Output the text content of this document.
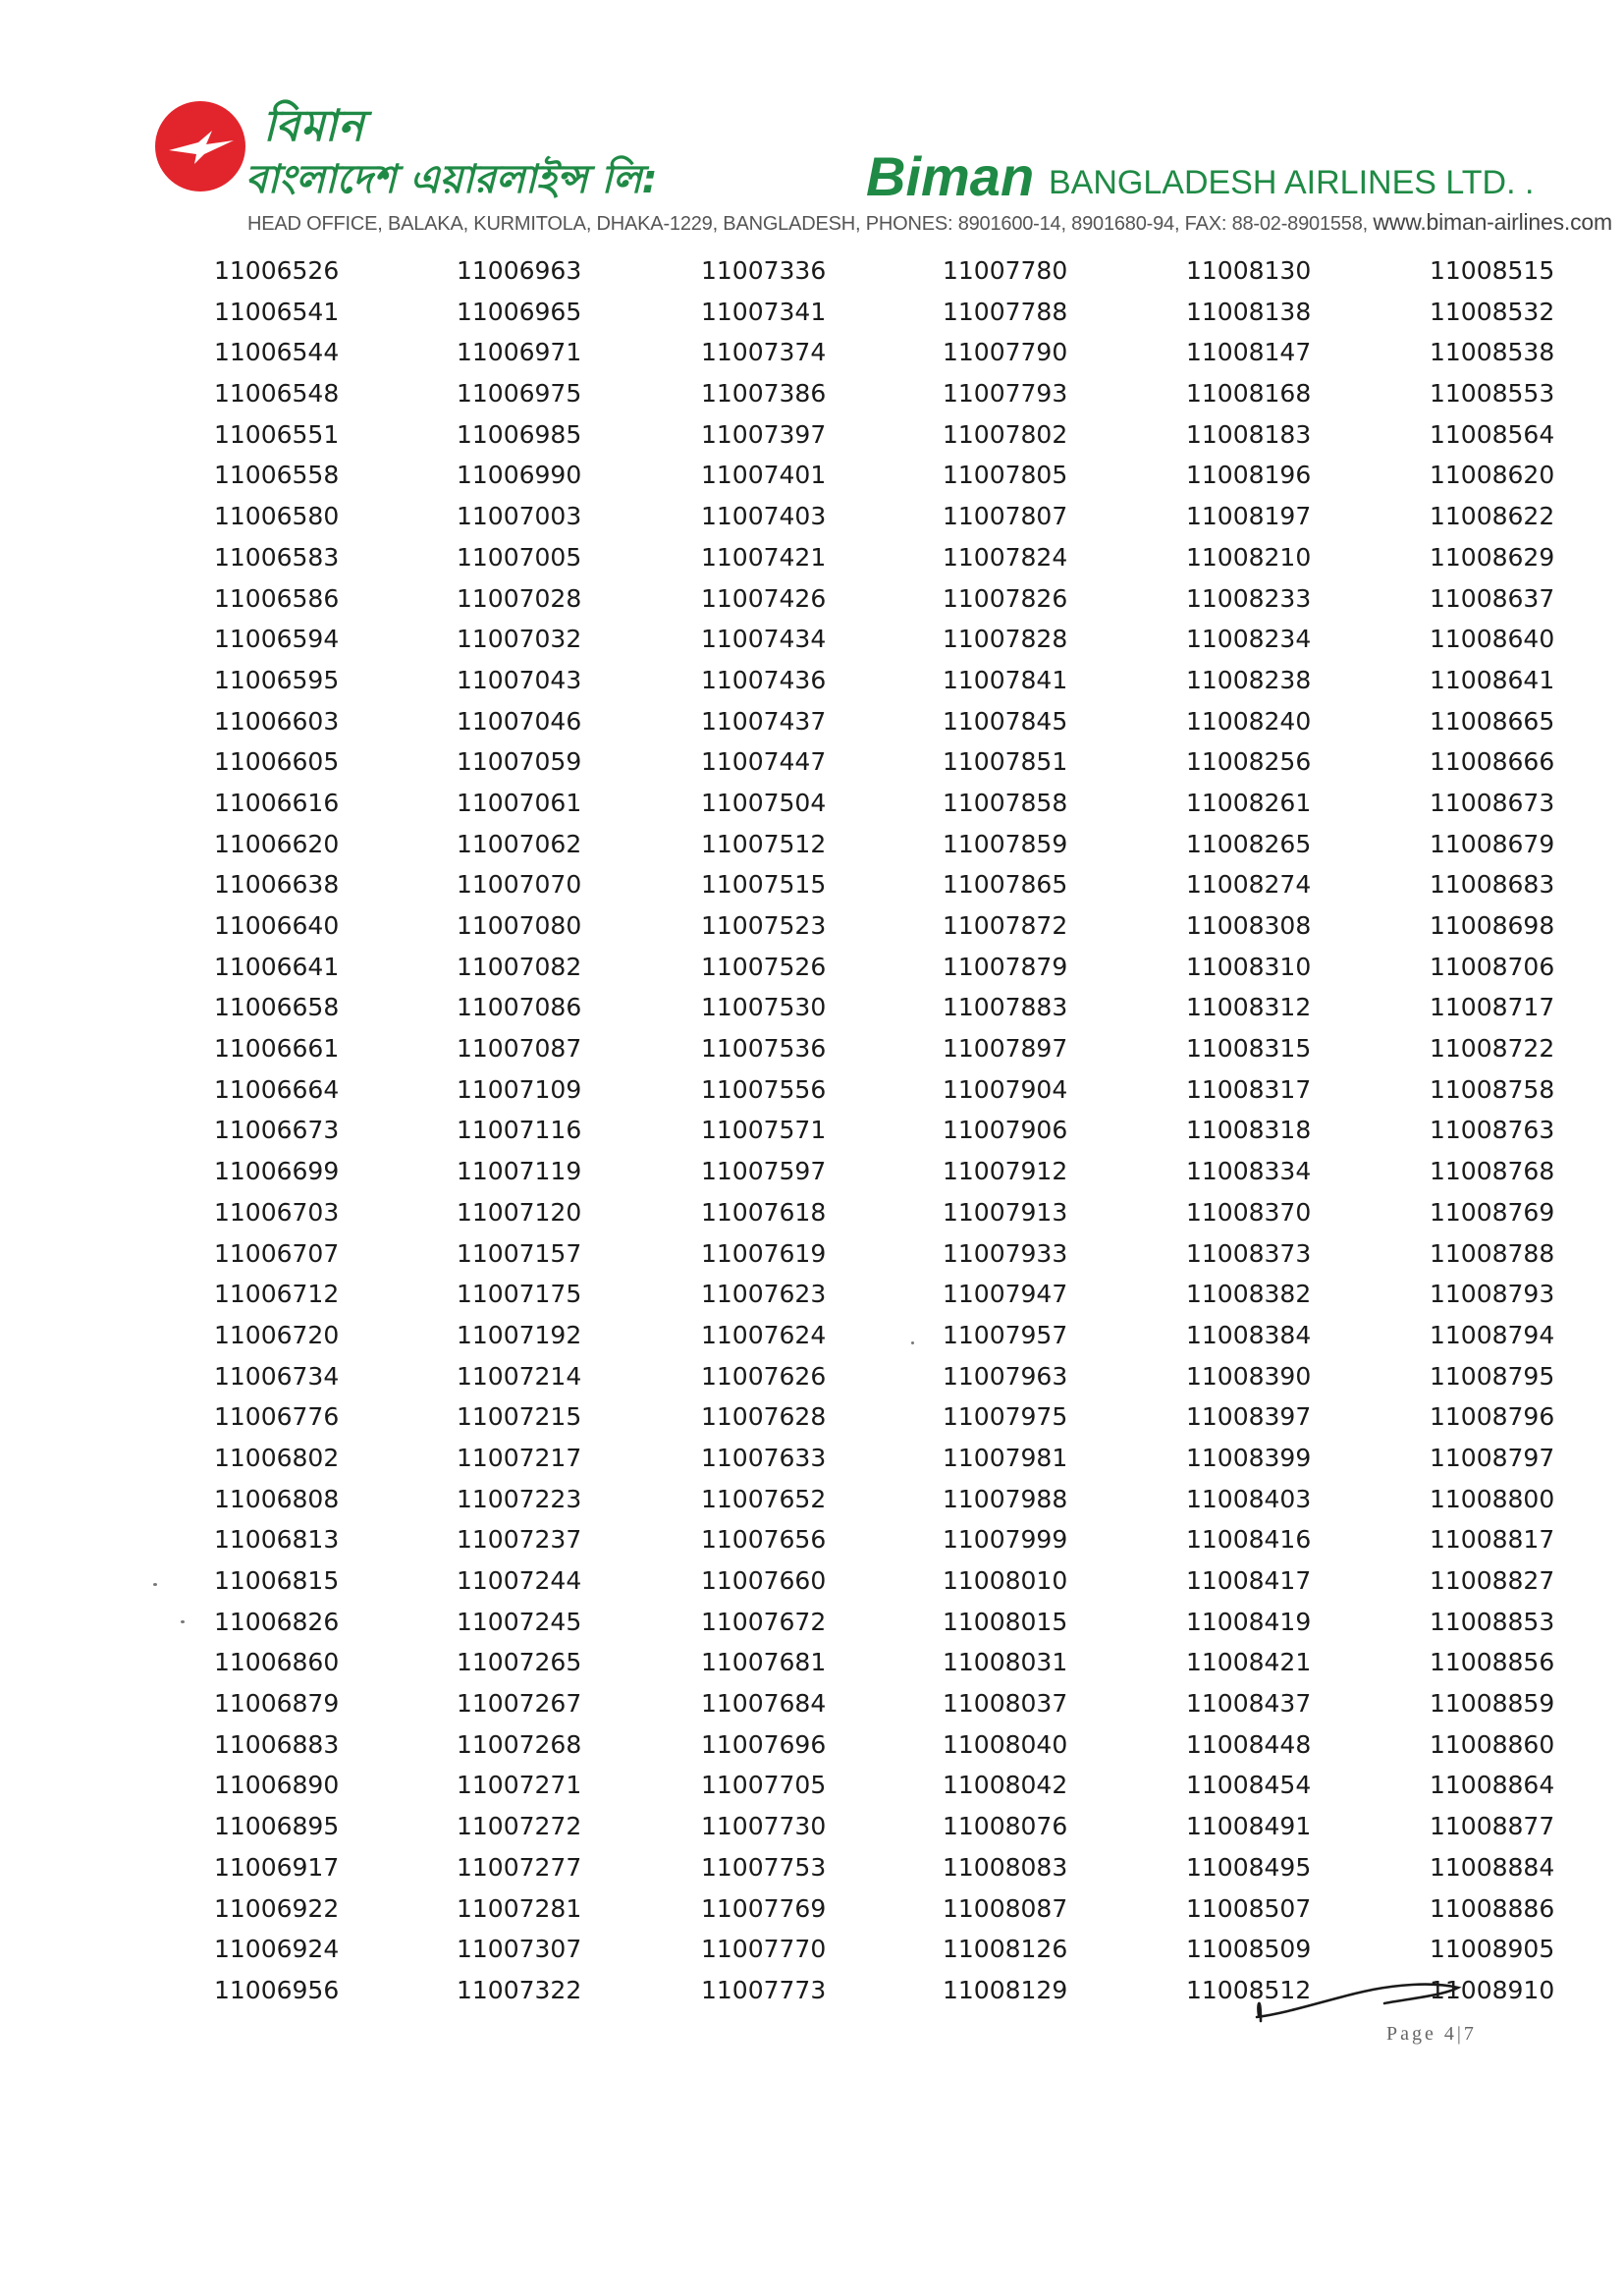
বিমান
বাংলাদেশ এয়ারলাইন্স লি:	Biman BANGLADESH AIRLINES LTD. .
HEAD OFFICE, BALAKA, KURMITOLA, DHAKA-1229, BANGLADESH, PHONES: 8901600-14, 8901680-94, FAX: 88-02-8901558, www.biman-airlines.com
11006526
11006541
11006544
11006548
11006551
11006558
11006580
11006583
11006586
11006594
11006595
11006603
11006605
11006616
11006620
11006638
11006640
11006641
11006658
11006661
11006664
11006673
11006699
11006703
11006707
11006712
11006720
11006734
11006776
11006802
11006808
11006813
11006815
11006826
11006860
11006879
11006883
11006890
11006895
11006917
11006922
11006924
11006956
11006963
11006965
11006971
11006975
11006985
11006990
11007003
11007005
11007028
11007032
11007043
11007046
11007059
11007061
11007062
11007070
11007080
11007082
11007086
11007087
11007109
11007116
11007119
11007120
11007157
11007175
11007192
11007214
11007215
11007217
11007223
11007237
11007244
11007245
11007265
11007267
11007268
11007271
11007272
11007277
11007281
11007307
11007322
11007336
11007341
11007374
11007386
11007397
11007401
11007403
11007421
11007426
11007434
11007436
11007437
11007447
11007504
11007512
11007515
11007523
11007526
11007530
11007536
11007556
11007571
11007597
11007618
11007619
11007623
11007624
11007626
11007628
11007633
11007652
11007656
11007660
11007672
11007681
11007684
11007696
11007705
11007730
11007753
11007769
11007770
11007773
11007780
11007788
11007790
11007793
11007802
11007805
11007807
11007824
11007826
11007828
11007841
11007845
11007851
11007858
11007859
11007865
11007872
11007879
11007883
11007897
11007904
11007906
11007912
11007913
11007933
11007947
11007957
11007963
11007975
11007981
11007988
11007999
11008010
11008015
11008031
11008037
11008040
11008042
11008076
11008083
11008087
11008126
11008129
11008130
11008138
11008147
11008168
11008183
11008196
11008197
11008210
11008233
11008234
11008238
11008240
11008256
11008261
11008265
11008274
11008308
11008310
11008312
11008315
11008317
11008318
11008334
11008370
11008373
11008382
11008384
11008390
11008397
11008399
11008403
11008416
11008417
11008419
11008421
11008437
11008448
11008454
11008491
11008495
11008507
11008509
11008512
11008515
11008532
11008538
11008553
11008564
11008620
11008622
11008629
11008637
11008640
11008641
11008665
11008666
11008673
11008679
11008683
11008698
11008706
11008717
11008722
11008758
11008763
11008768
11008769
11008788
11008793
11008794
11008795
11008796
11008797
11008800
11008817
11008827
11008853
11008856
11008859
11008860
11008864
11008877
11008884
11008886
11008905
11008910
Page 4|7
